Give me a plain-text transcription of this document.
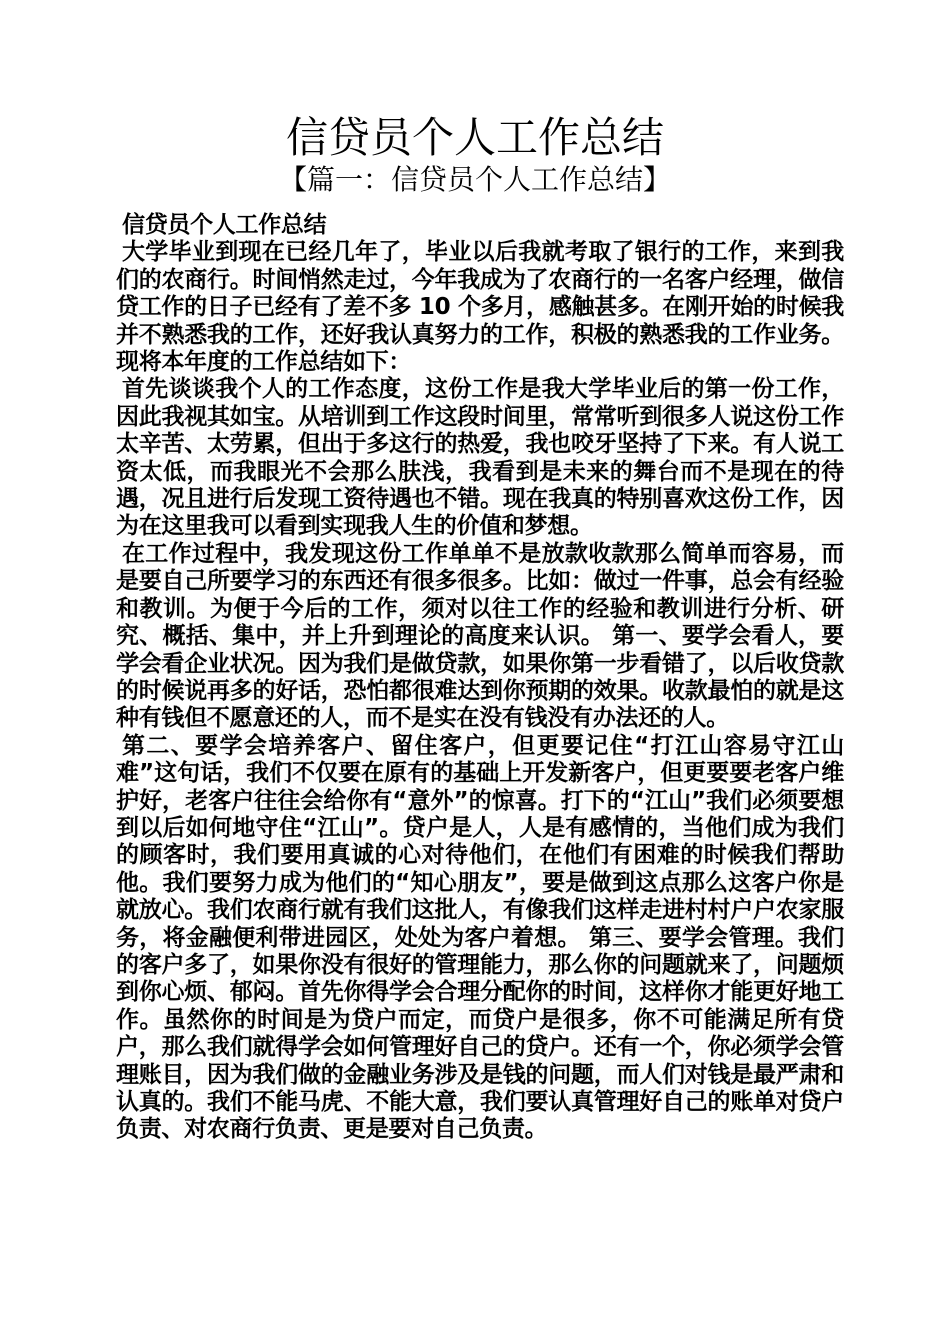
信贷员个人工作总结
【篇一：信贷员个人工作总结】

信贷员个人工作总结

大学毕业到现在已经几年了，毕业以后我就考取了银行的工作，来到我们的农商行。时间悄然走过，今年我成为了农商行的一名客户经理，做信贷工作的日子已经有了差不多 10 个多月，感触甚多。在刚开始的时候我并不熟悉我的工作，还好我认真努力的工作，积极的熟悉我的工作业务。现将本年度的工作总结如下：

首先谈谈我个人的工作态度，这份工作是我大学毕业后的第一份工作，因此我视其如宝。从培训到工作这段时间里，常常听到很多人说这份工作太辛苦、太劳累，但出于多这行的热爱，我也咬牙坚持了下来。有人说工资太低，而我眼光不会那么肤浅，我看到是未来的舞台而不是现在的待遇，况且进行后发现工资待遇也不错。现在我真的特别喜欢这份工作，因为在这里我可以看到实现我人生的价值和梦想。

在工作过程中，我发现这份工作单单不是放款收款那么简单而容易，而是要自己所要学习的东西还有很多很多。比如：做过一件事，总会有经验和教训。为便于今后的工作，须对以往工作的经验和教训进行分析、研究、概括、集中，并上升到理论的高度来认识。 第一、要学会看人，要学会看企业状况。因为我们是做贷款，如果你第一步看错了，以后收贷款的时候说再多的好话，恐怕都很难达到你预期的效果。收款最怕的就是这种有钱但不愿意还的人，而不是实在没有钱没有办法还的人。

第二、要学会培养客户、留住客户，但更要记住“打江山容易守江山难”这句话，我们不仅要在原有的基础上开发新客户，但更要要老客户维护好，老客户往往会给你有“意外”的惊喜。打下的“江山”我们必须要想到以后如何地守住“江山”。贷户是人，人是有感情的，当他们成为我们的顾客时，我们要用真诚的心对待他们，在他们有困难的时候我们帮助他。我们要努力成为他们的“知心朋友”，要是做到这点那么这客户你是就放心。我们农商行就有我们这批人，有像我们这样走进村村户户农家服务，将金融便利带进园区，处处为客户着想。 第三、要学会管理。我们的客户多了，如果你没有很好的管理能力，那么你的问题就来了，问题烦到你心烦、郁闷。首先你得学会合理分配你的时间，这样你才能更好地工作。虽然你的时间是为贷户而定，而贷户是很多，你不可能满足所有贷户，那么我们就得学会如何管理好自己的贷户。还有一个，你必须学会管理账目，因为我们做的金融业务涉及是钱的问题，而人们对钱是最严肃和认真的。我们不能马虎、不能大意，我们要认真管理好自己的账单对贷户负责、对农商行负责、更是要对自己负责。
